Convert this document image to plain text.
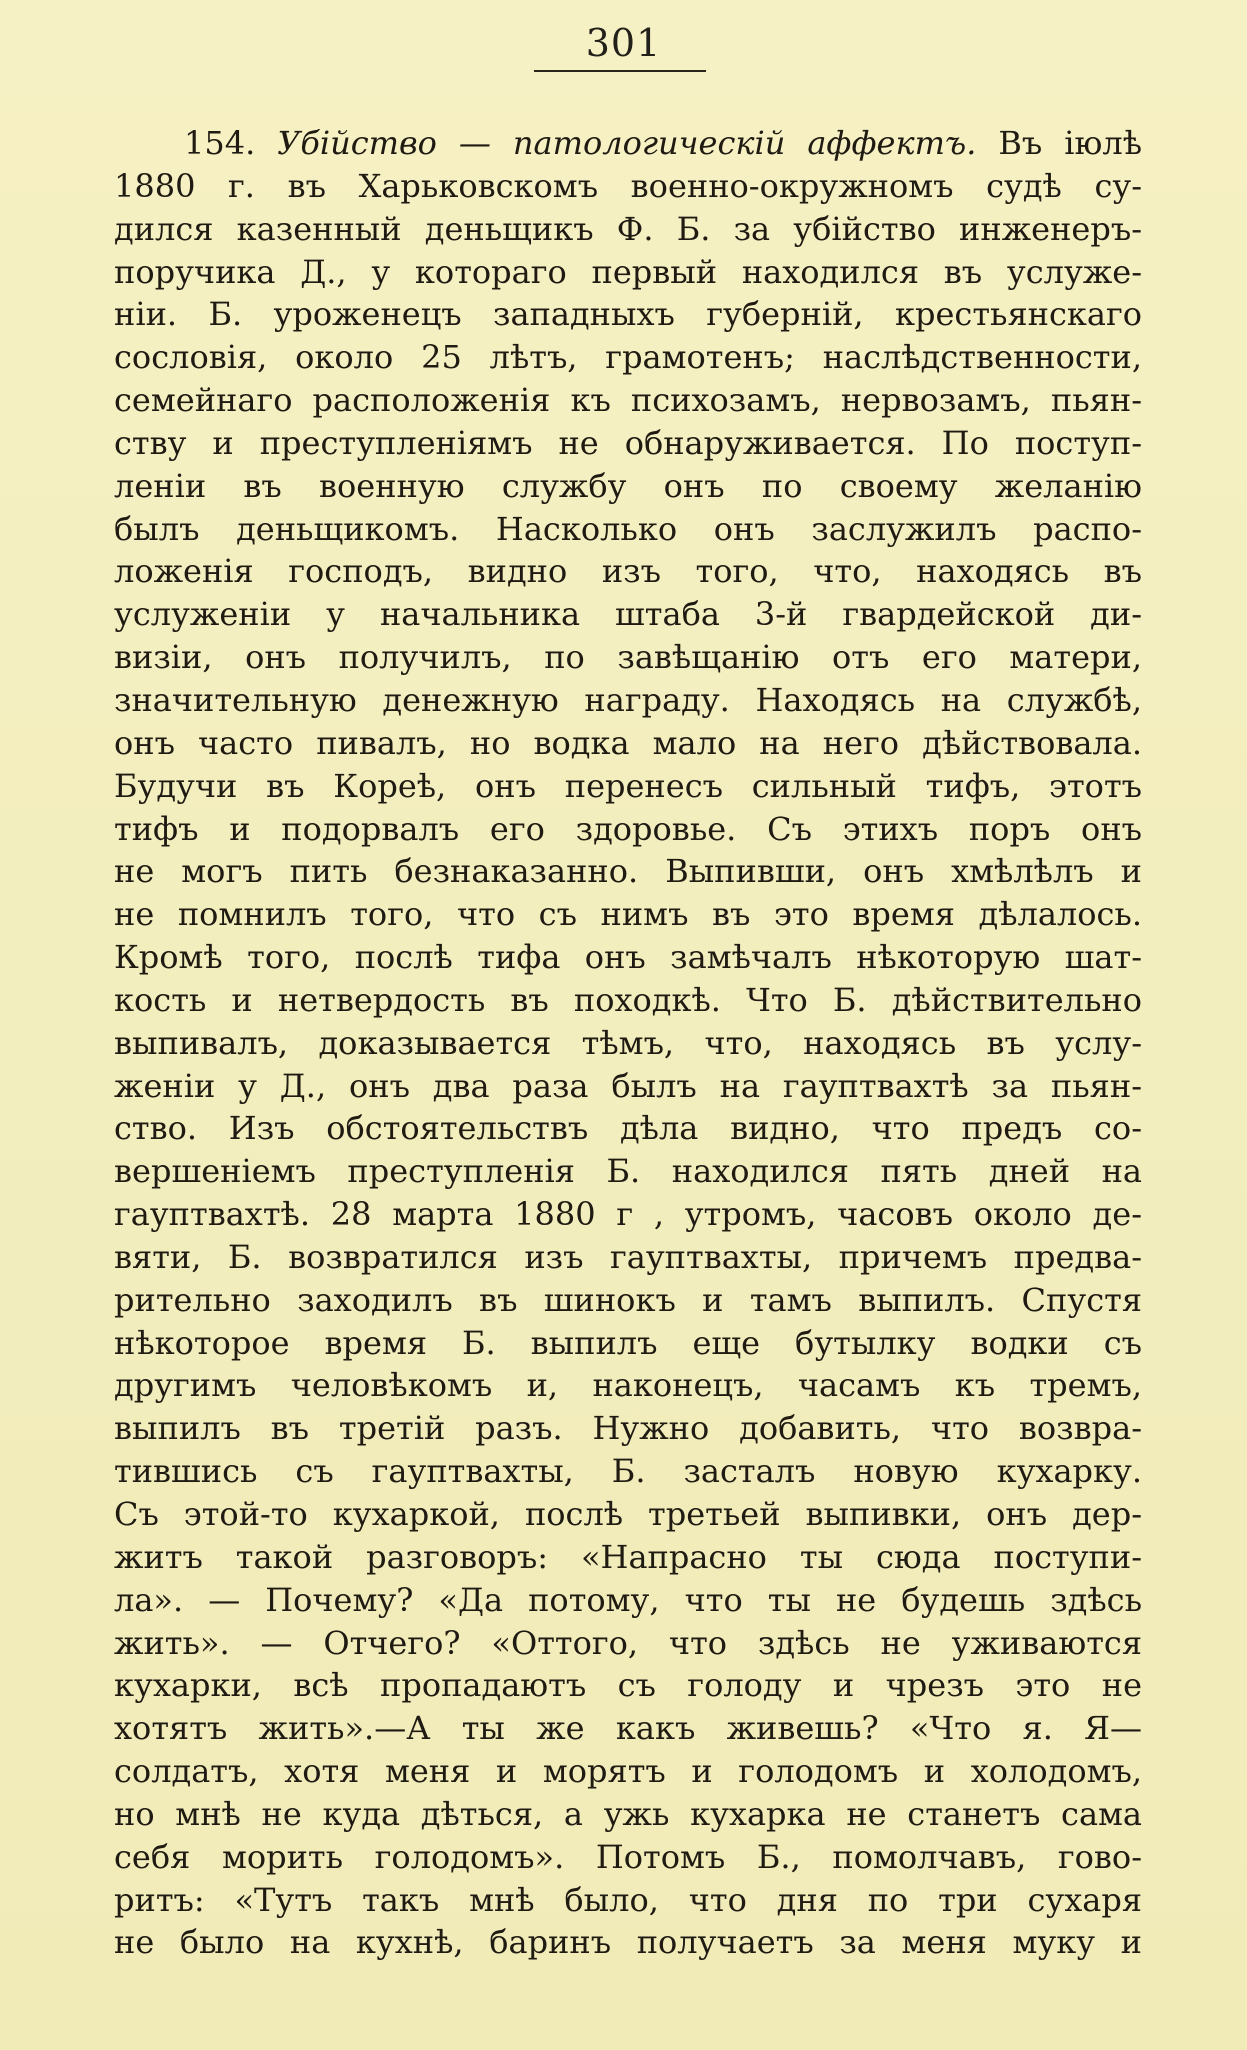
301
154. Убійство — патологическій аффектъ. Въ іюлѣ
1880 г. въ Харьковскомъ военно-окружномъ судѣ су-
дился казенный деньщикъ Ф. Б. за убійство инженеръ-
поручика Д., у котораго первый находился въ услуже-
ніи. Б. уроженецъ западныхъ губерній, крестьянскаго
сословія, около 25 лѣтъ, грамотенъ; наслѣдственности,
семейнаго расположенія къ психозамъ, нервозамъ, пьян-
ству и преступленіямъ не обнаруживается. По поступ-
леніи въ военную службу онъ по своему желанію
былъ деньщикомъ. Насколько онъ заслужилъ распо-
ложенія господъ, видно изъ того, что, находясь въ
услуженіи у начальника штаба 3-й гвардейской ди-
визіи, онъ получилъ, по завѣщанію отъ его матери,
значительную денежную награду. Находясь на службѣ,
онъ часто пивалъ, но водка мало на него дѣйствовала.
Будучи въ Кореѣ, онъ перенесъ сильный тифъ, этотъ
тифъ и подорвалъ его здоровье. Съ этихъ поръ онъ
не могъ пить безнаказанно. Выпивши, онъ хмѣлѣлъ и
не помнилъ того, что съ нимъ въ это время дѣлалось.
Кромѣ того, послѣ тифа онъ замѣчалъ нѣкоторую шат-
кость и нетвердость въ походкѣ. Что Б. дѣйствительно
выпивалъ, доказывается тѣмъ, что, находясь въ услу-
женіи у Д., онъ два раза былъ на гауптвахтѣ за пьян-
ство. Изъ обстоятельствъ дѣла видно, что предъ со-
вершеніемъ преступленія Б. находился пять дней на
гауптвахтѣ. 28 марта 1880 г , утромъ, часовъ около де-
вяти, Б. возвратился изъ гауптвахты, причемъ предва-
рительно заходилъ въ шинокъ и тамъ выпилъ. Спустя
нѣкоторое время Б. выпилъ еще бутылку водки съ
другимъ человѣкомъ и, наконецъ, часамъ къ тремъ,
выпилъ въ третій разъ. Нужно добавить, что возвра-
тившись съ гауптвахты, Б. засталъ новую кухарку.
Съ этой-то кухаркой, послѣ третьей выпивки, онъ дер-
житъ такой разговоръ: «Напрасно ты сюда поступи-
ла». — Почему? «Да потому, что ты не будешь здѣсь
жить». — Отчего? «Оттого, что здѣсь не уживаются
кухарки, всѣ пропадаютъ съ голоду и чрезъ это не
хотятъ жить».—А ты же какъ живешь? «Что я. Я—
солдатъ, хотя меня и морятъ и голодомъ и холодомъ,
но мнѣ не куда дѣться, а ужь кухарка не станетъ сама
себя морить голодомъ». Потомъ Б., помолчавъ, гово-
ритъ: «Тутъ такъ мнѣ было, что дня по три сухаря
не было на кухнѣ, баринъ получаетъ за меня муку и
